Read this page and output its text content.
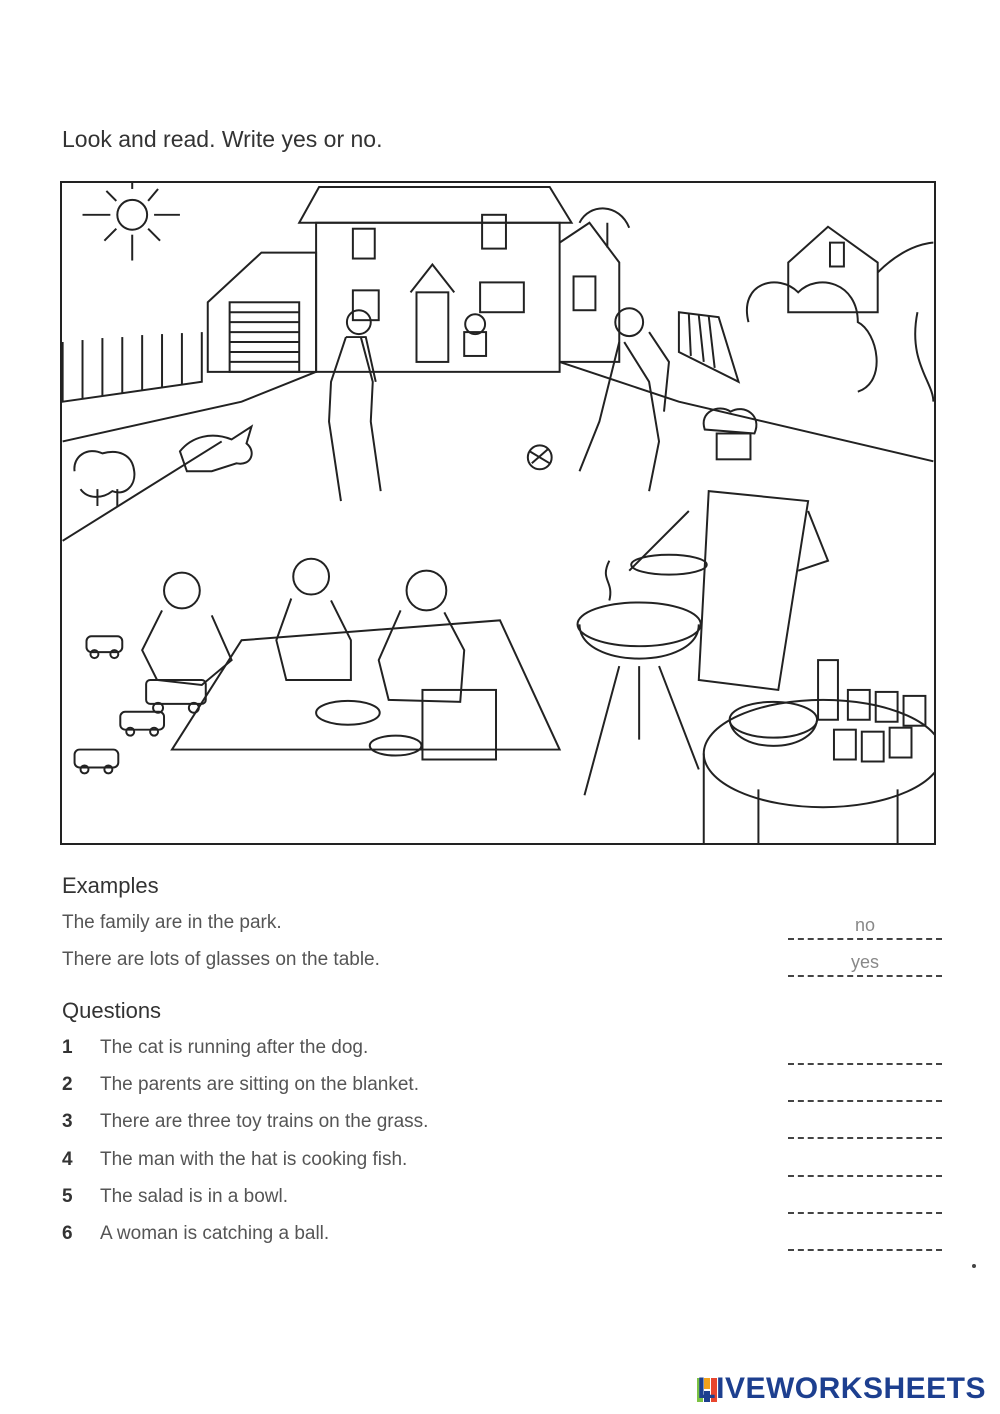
Look and read. Write yes or no.
Examples
The family are in the park.	no
There are lots of glasses on the table.	yes
Questions
1 The cat is running after the dog.
2 The parents are sitting on the blanket.
3 There are three toy trains on the grass.
4 The man with the hat is cooking fish.
5 The salad is in a bowl.
6 A woman is catching a ball.
LIVEWORKSHEETS
